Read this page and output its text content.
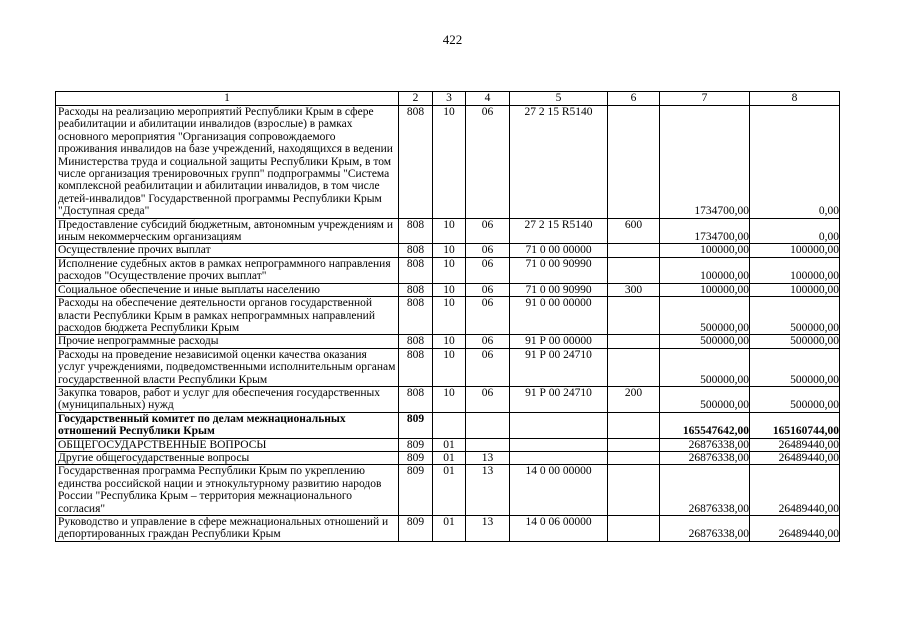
422
1	2	3	4	5	6	7	8
Расходы на реализацию мероприятий Республики Крым в сфере реабилитации и абилитации инвалидов (взрослые) в рамках основного мероприятия "Организация сопровождаемого проживания инвалидов на базе учреждений, находящихся в ведении Министерства труда и социальной защиты Республики Крым, в том числе организация тренировочных групп" подпрограммы "Система комплексной реабилитации и абилитации инвалидов, в том числе детей-инвалидов" Государственной программы Республики Крым "Доступная среда"	808	10	06	27 2 15 R5140		1734700,00	0,00
Предоставление субсидий бюджетным, автономным учреждениям и иным некоммерческим организациям	808	10	06	27 2 15 R5140	600	1734700,00	0,00
Осуществление прочих выплат	808	10	06	71 0 00 00000		100000,00	100000,00
Исполнение судебных актов в рамках непрограммного направления расходов "Осуществление прочих выплат"	808	10	06	71 0 00 90990		100000,00	100000,00
Социальное обеспечение и иные выплаты населению	808	10	06	71 0 00 90990	300	100000,00	100000,00
Расходы на обеспечение деятельности органов государственной власти Республики Крым в рамках непрограммных направлений расходов бюджета Республики Крым	808	10	06	91 0 00 00000		500000,00	500000,00
Прочие непрограммные расходы	808	10	06	91 Р 00 00000		500000,00	500000,00
Расходы на проведение независимой оценки качества оказания услуг учреждениями, подведомственными исполнительным органам государственной власти Республики Крым	808	10	06	91 Р 00 24710		500000,00	500000,00
Закупка товаров, работ и услуг для обеспечения государственных (муниципальных) нужд	808	10	06	91 Р 00 24710	200	500000,00	500000,00
Государственный комитет по делам межнациональных отношений Республики Крым	809					165547642,00	165160744,00
ОБЩЕГОСУДАРСТВЕННЫЕ ВОПРОСЫ	809	01				26876338,00	26489440,00
Другие общегосударственные вопросы	809	01	13			26876338,00	26489440,00
Государственная программа Республики Крым по укреплению единства российской нации и этнокультурному развитию народов России "Республика Крым – территория межнационального согласия"	809	01	13	14 0 00 00000		26876338,00	26489440,00
Руководство и управление в сфере межнациональных отношений и депортированных граждан Республики Крым	809	01	13	14 0 06 00000		26876338,00	26489440,00
